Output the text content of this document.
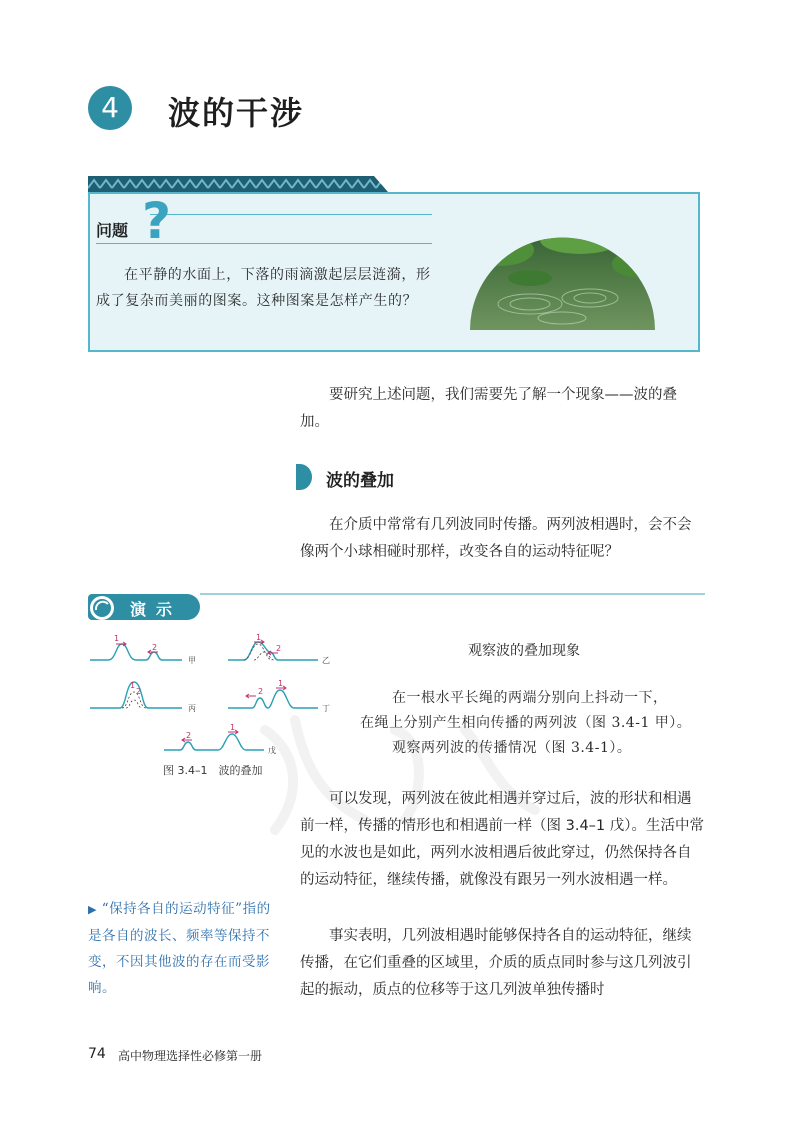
4	波的干涉
问题 ?
在平静的水面上，下落的雨滴激起层层涟漪，形成了复杂而美丽的图案。这种图案是怎样产生的？
要研究上述问题，我们需要先了解一个现象——波的叠加。
波的叠加
在介质中常常有几列波同时传播。两列波相遇时，会不会像两个小球相碰时那样，改变各自的运动特征呢？
演示
1
2
1
2
1
2	2
1
2
1
甲	乙
丙	丁
戊
图 3.4–1　波的叠加
观察波的叠加现象
在一根水平长绳的两端分别向上抖动一下，
在绳上分别产生相向传播的两列波（图 3.4-1 甲）。
观察两列波的传播情况（图 3.4-1）。
可以发现，两列波在彼此相遇并穿过后，波的形状和相遇前一样，传播的情形也和相遇前一样（图 3.4–1 戊）。生活中常见的水波也是如此，两列水波相遇后彼此穿过，仍然保持各自的运动特征，继续传播，就像没有跟另一列水波相遇一样。
▶ “保持各自的运动特征”指的是各自的波长、频率等保持不变，不因其他波的存在而受影响。
事实表明，几列波相遇时能够保持各自的运动特征，继续传播，在它们重叠的区域里，介质的质点同时参与这几列波引起的振动，质点的位移等于这几列波单独传播时
74 高中物理选择性必修第一册
